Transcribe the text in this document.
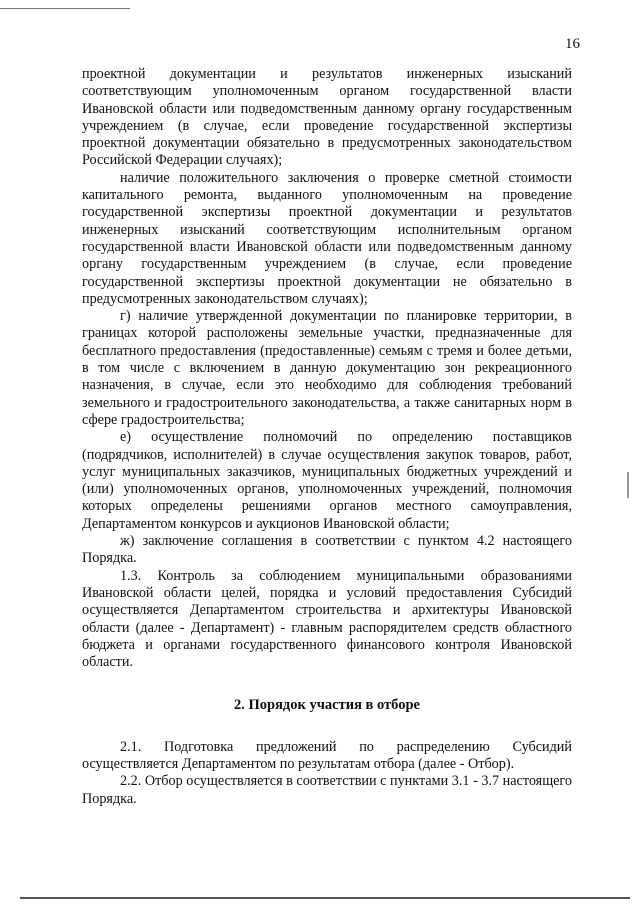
16

проектной документации и результатов инженерных изысканий соответствующим уполномоченным органом государственной власти Ивановской области или подведомственным данному органу государственным учреждением (в случае, если проведение государственной экспертизы проектной документации обязательно в предусмотренных законодательством Российской Федерации случаях);

наличие положительного заключения о проверке сметной стоимости капитального ремонта, выданного уполномоченным на проведение государственной экспертизы проектной документации и результатов инженерных изысканий соответствующим исполнительным органом государственной власти Ивановской области или подведомственным данному органу государственным учреждением (в случае, если проведение государственной экспертизы проектной документации не обязательно в предусмотренных законодательством случаях);

г) наличие утвержденной документации по планировке территории, в границах которой расположены земельные участки, предназначенные для бесплатного предоставления (предоставленные) семьям с тремя и более детьми, в том числе с включением в данную документацию зон рекреационного назначения, в случае, если это необходимо для соблюдения требований земельного и градостроительного законодательства, а также санитарных норм в сфере градостроительства;

е) осуществление полномочий по определению поставщиков (подрядчиков, исполнителей) в случае осуществления закупок товаров, работ, услуг муниципальных заказчиков, муниципальных бюджетных учреждений и (или) уполномоченных органов, уполномоченных учреждений, полномочия которых определены решениями органов местного самоуправления, Департаментом конкурсов и аукционов Ивановской области;

ж) заключение соглашения в соответствии с пунктом 4.2 настоящего Порядка.

1.3. Контроль за соблюдением муниципальными образованиями Ивановской области целей, порядка и условий предоставления Субсидий осуществляется Департаментом строительства и архитектуры Ивановской области (далее - Департамент) - главным распорядителем средств областного бюджета и органами государственного финансового контроля Ивановской области.

2. Порядок участия в отборе

2.1. Подготовка предложений по распределению Субсидий осуществляется Департаментом по результатам отбора (далее - Отбор).

2.2. Отбор осуществляется в соответствии с пунктами 3.1 - 3.7 настоящего Порядка.
